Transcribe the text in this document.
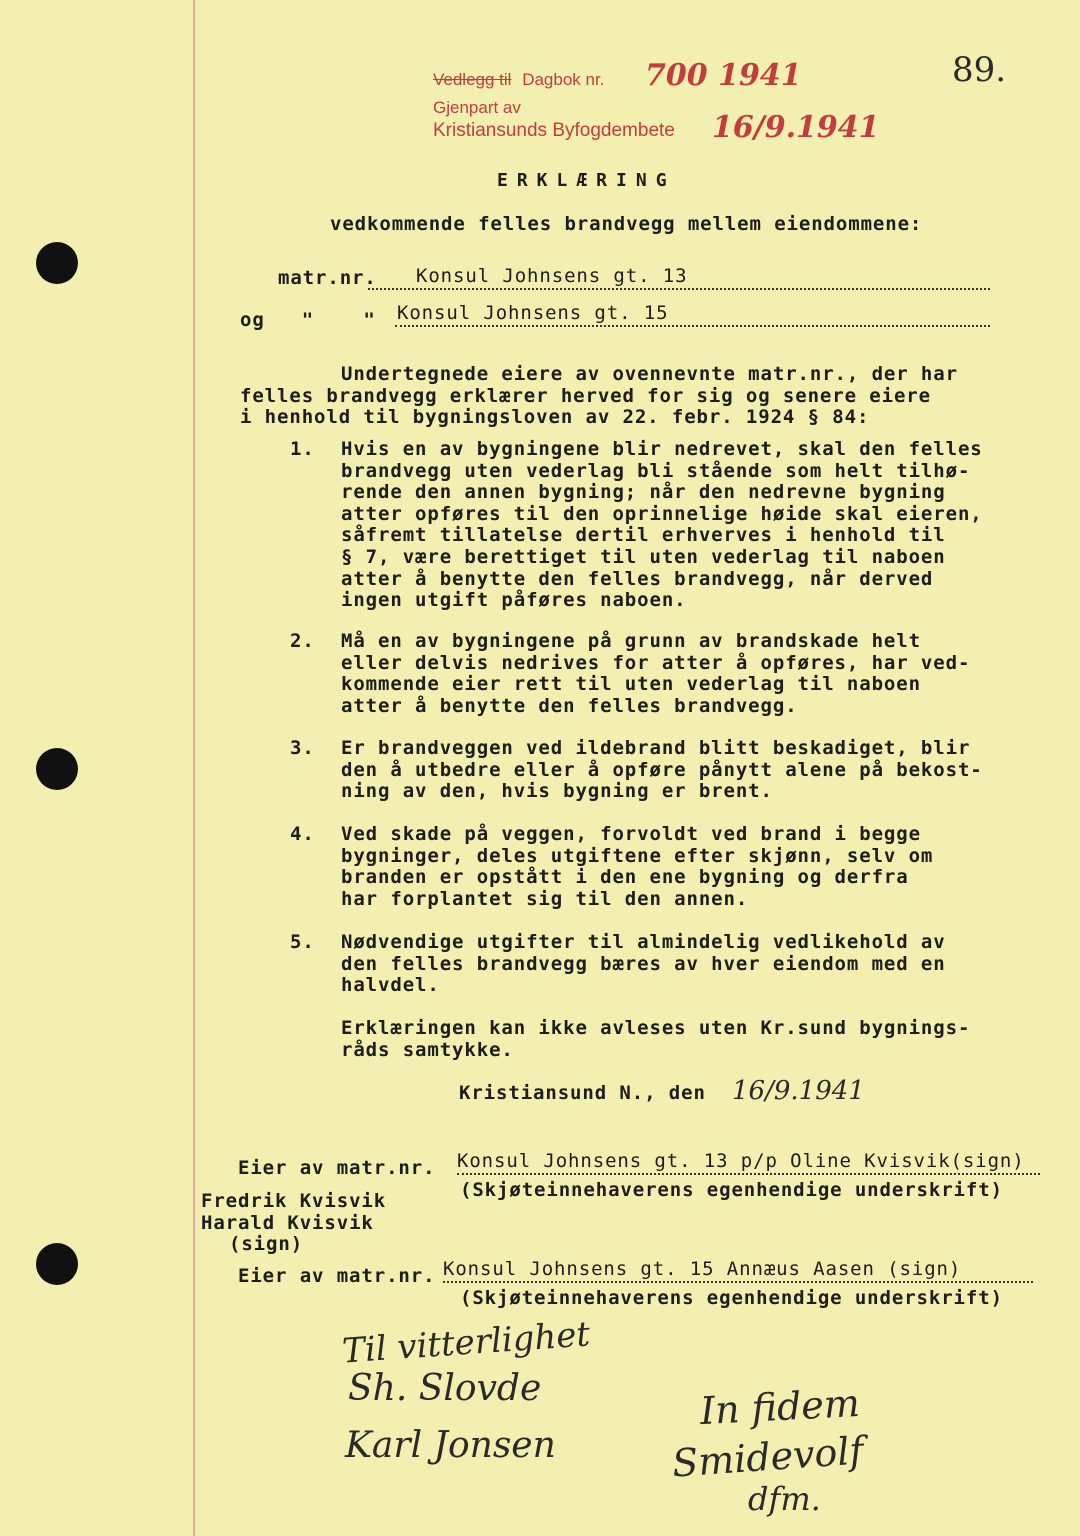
Vedlegg til Dagbok nr. 700 1941
Gjenpart av
Kristiansunds Byfogdembete 16/9.1941
89.
ERKLÆRING
vedkommende felles brandvegg mellem eiendommene:
matr.nr.	Konsul Johnsens gt. 13
og   "    " Konsul Johnsens gt. 15
Undertegnede eiere av ovennevnte matr.nr., der har
felles brandvegg erklærer herved for sig og senere eiere
i henhold til bygningsloven av 22. febr. 1924 § 84:
1. Hvis en av bygningene blir nedrevet, skal den felles
brandvegg uten vederlag bli stående som helt tilhø-
rende den annen bygning; når den nedrevne bygning
atter opføres til den oprinnelige høide skal eieren,
såfremt tillatelse dertil erhverves i henhold til
§ 7, være berettiget til uten vederlag til naboen
atter å benytte den felles brandvegg, når derved
ingen utgift påføres naboen.
2. Må en av bygningene på grunn av brandskade helt
eller delvis nedrives for atter å opføres, har ved-
kommende eier rett til uten vederlag til naboen
atter å benytte den felles brandvegg.
3. Er brandveggen ved ildebrand blitt beskadiget, blir
den å utbedre eller å opføre pånytt alene på bekost-
ning av den, hvis bygning er brent.
4. Ved skade på veggen, forvoldt ved brand i begge
bygninger, deles utgiftene efter skjønn, selv om
branden er opstått i den ene bygning og derfra
har forplantet sig til den annen.
5. Nødvendige utgifter til almindelig vedlikehold av
den felles brandvegg bæres av hver eiendom med en
halvdel.
Erklæringen kan ikke avleses uten Kr.sund bygnings-
råds samtykke.
Kristiansund N., den 16/9.1941
Eier av matr.nr. Konsul Johnsens gt. 13 p/p Oline Kvisvik(sign)
(Skjøteinnehaverens egenhendige underskrift)
Fredrik Kvisvik
Harald Kvisvik
(sign)
Eier av matr.nr. Konsul Johnsens gt. 15 Annæus Aasen (sign)
(Skjøteinnehaverens egenhendige underskrift)
Til vitterlighet
Sh. Slovde
Karl Jonsen
In fidem
Smidevolf
dfm.
